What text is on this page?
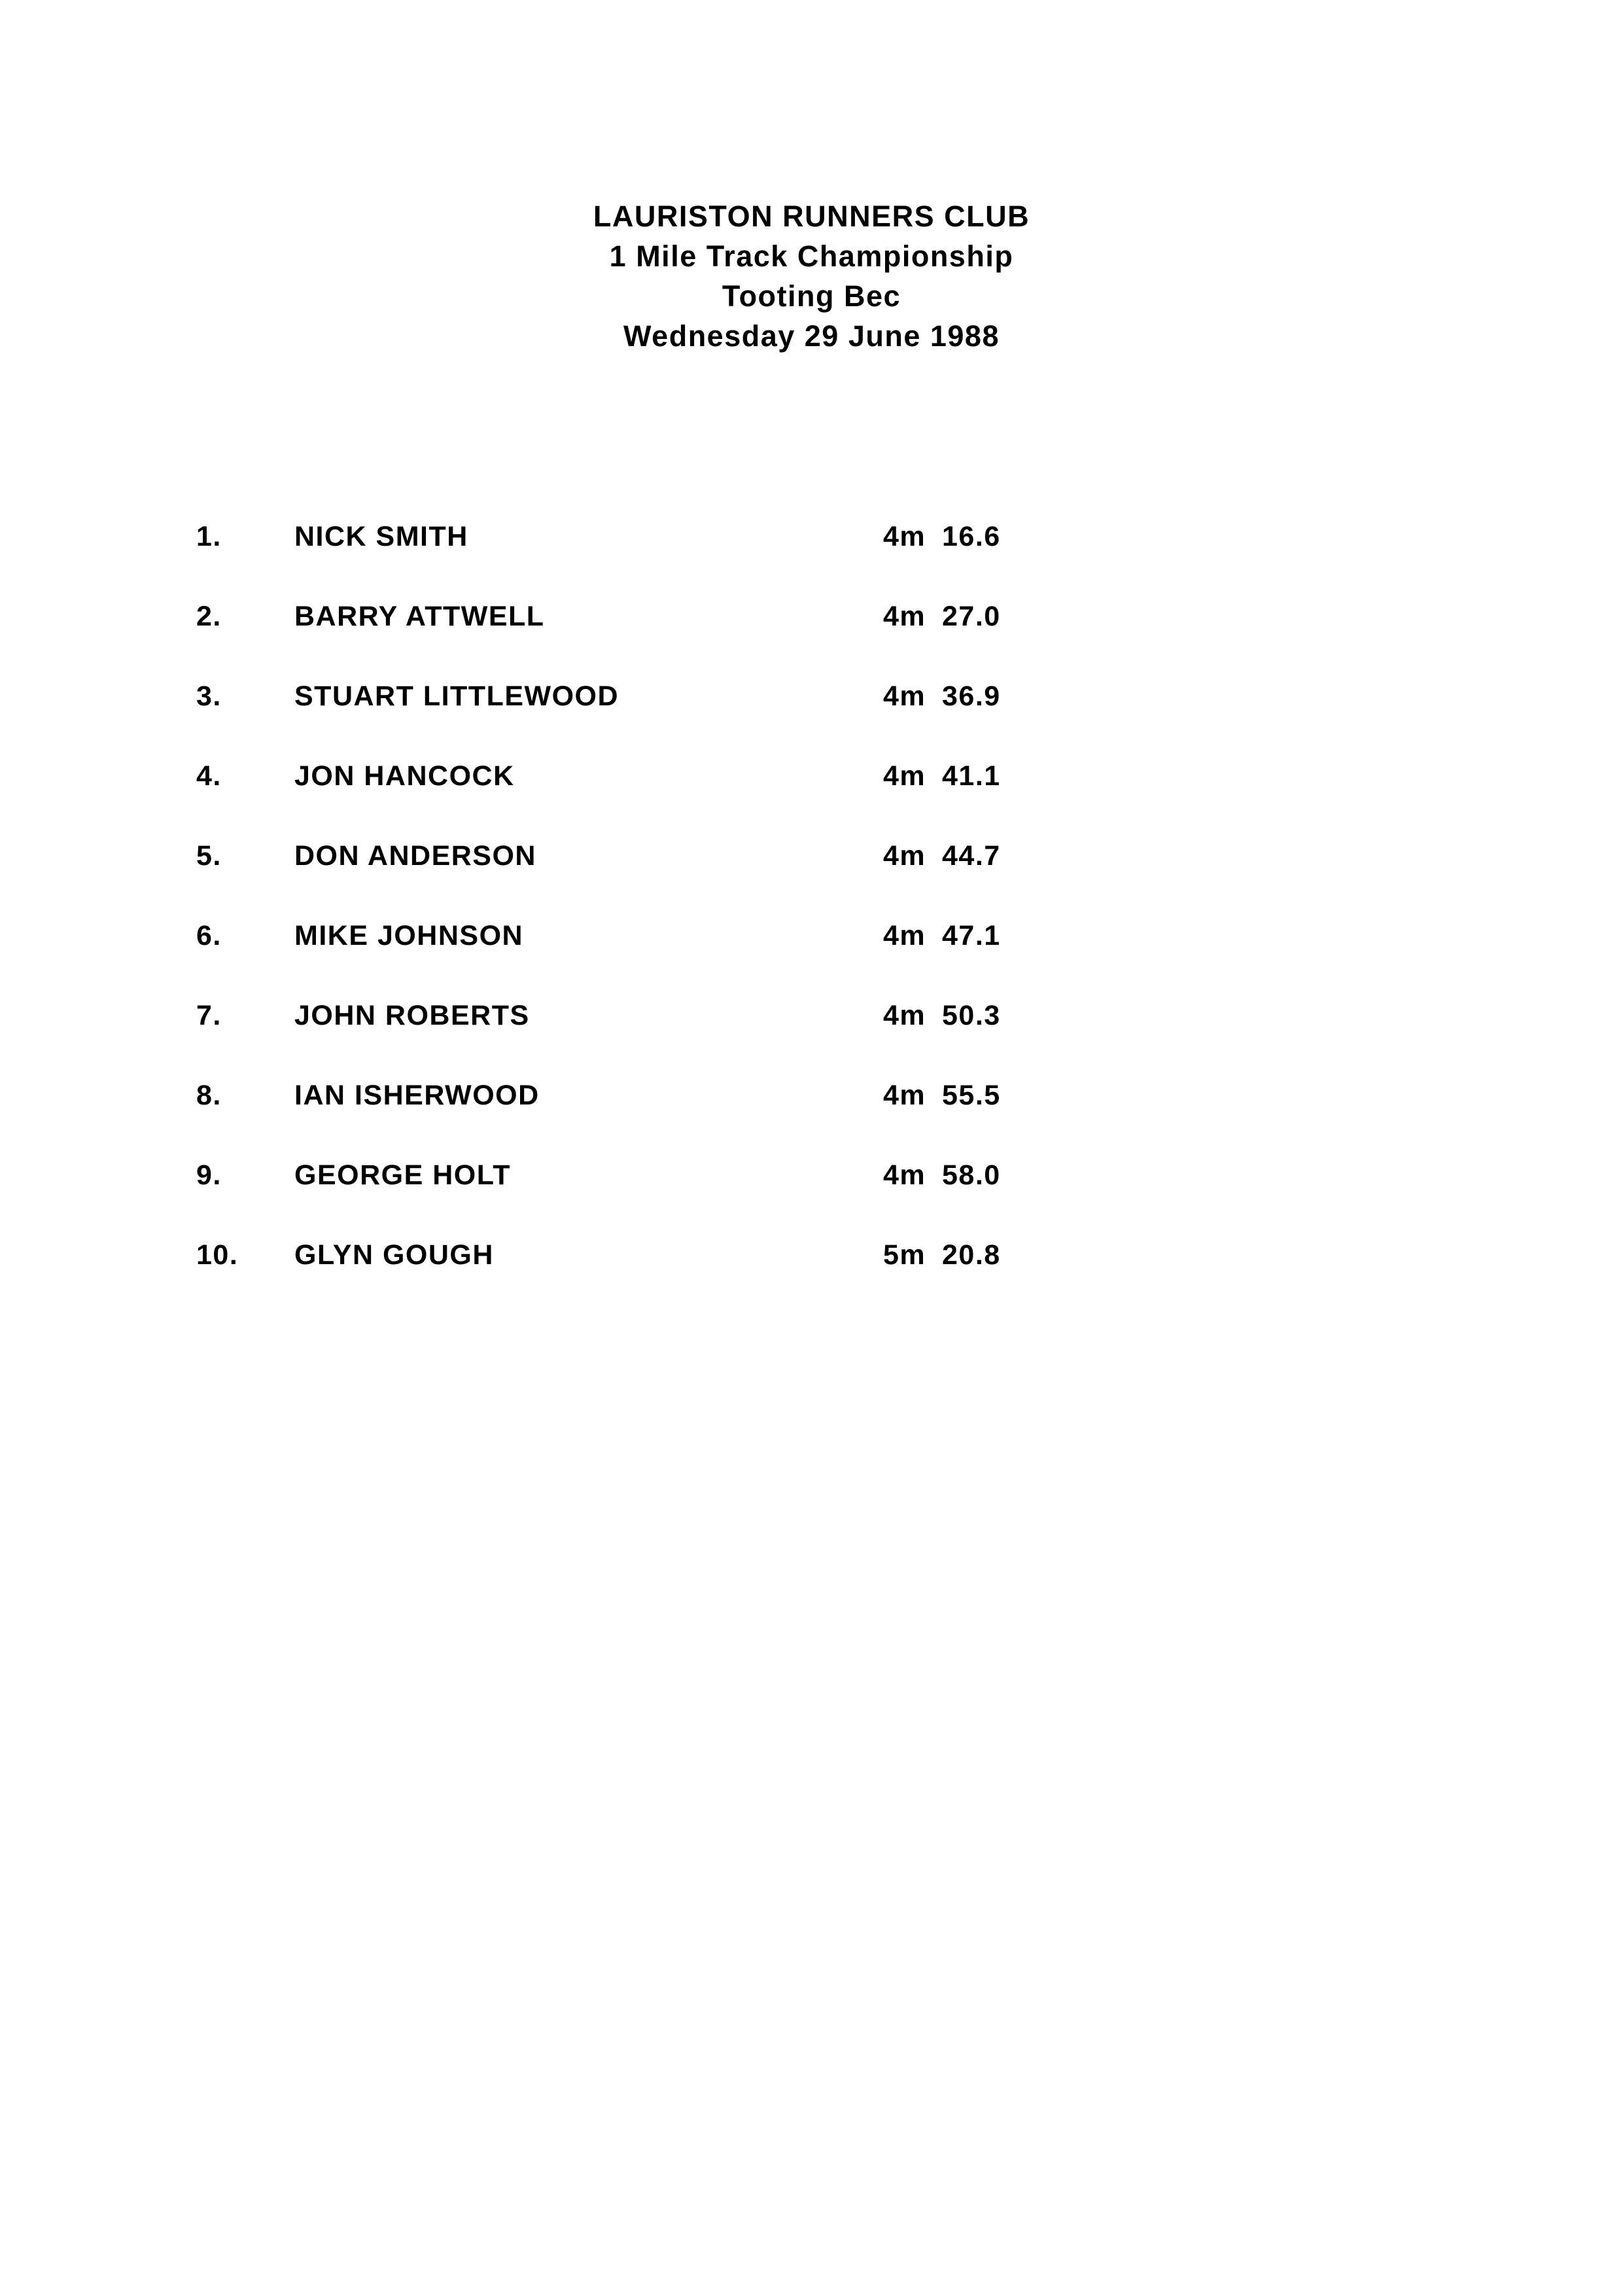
LAURISTON RUNNERS CLUB
1 Mile Track Championship
Tooting Bec
Wednesday 29 June 1988
1.	NICK SMITH	4m 16.6
2.	BARRY ATTWELL	4m 27.0
3.	STUART LITTLEWOOD	4m 36.9
4.	JON HANCOCK	4m 41.1
5.	DON ANDERSON	4m 44.7
6.	MIKE JOHNSON	4m 47.1
7.	JOHN ROBERTS	4m 50.3
8.	IAN ISHERWOOD	4m 55.5
9.	GEORGE HOLT	4m 58.0
10. GLYN GOUGH	5m 20.8
